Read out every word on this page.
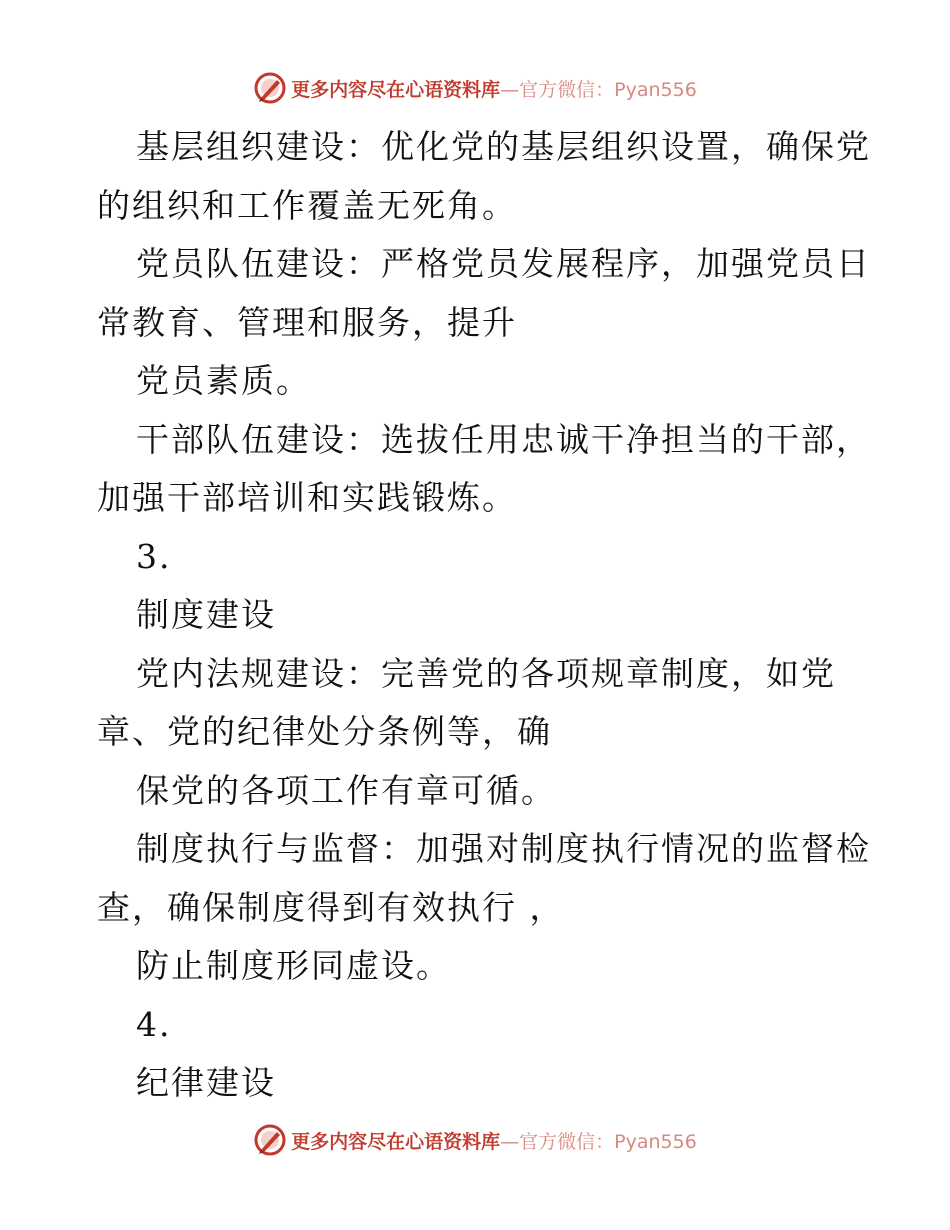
更多内容尽在心语资料库 —官方微信：Pyan556
基层组织建设：优化党的基层组织设置，确保党
的组织和工作覆盖无死角。
党员队伍建设：严格党员发展程序，加强党员日
常教育、管理和服务，提升
党员素质。
干部队伍建设：选拔任用忠诚干净担当的干部，
加强干部培训和实践锻炼。
3.
制度建设
党内法规建设：完善党的各项规章制度，如党
章、党的纪律处分条例等，确
保党的各项工作有章可循。
制度执行与监督：加强对制度执行情况的监督检
查，确保制度得到有效执行 ，
防止制度形同虚设。
4.
纪律建设
更多内容尽在心语资料库 —官方微信：Pyan556
